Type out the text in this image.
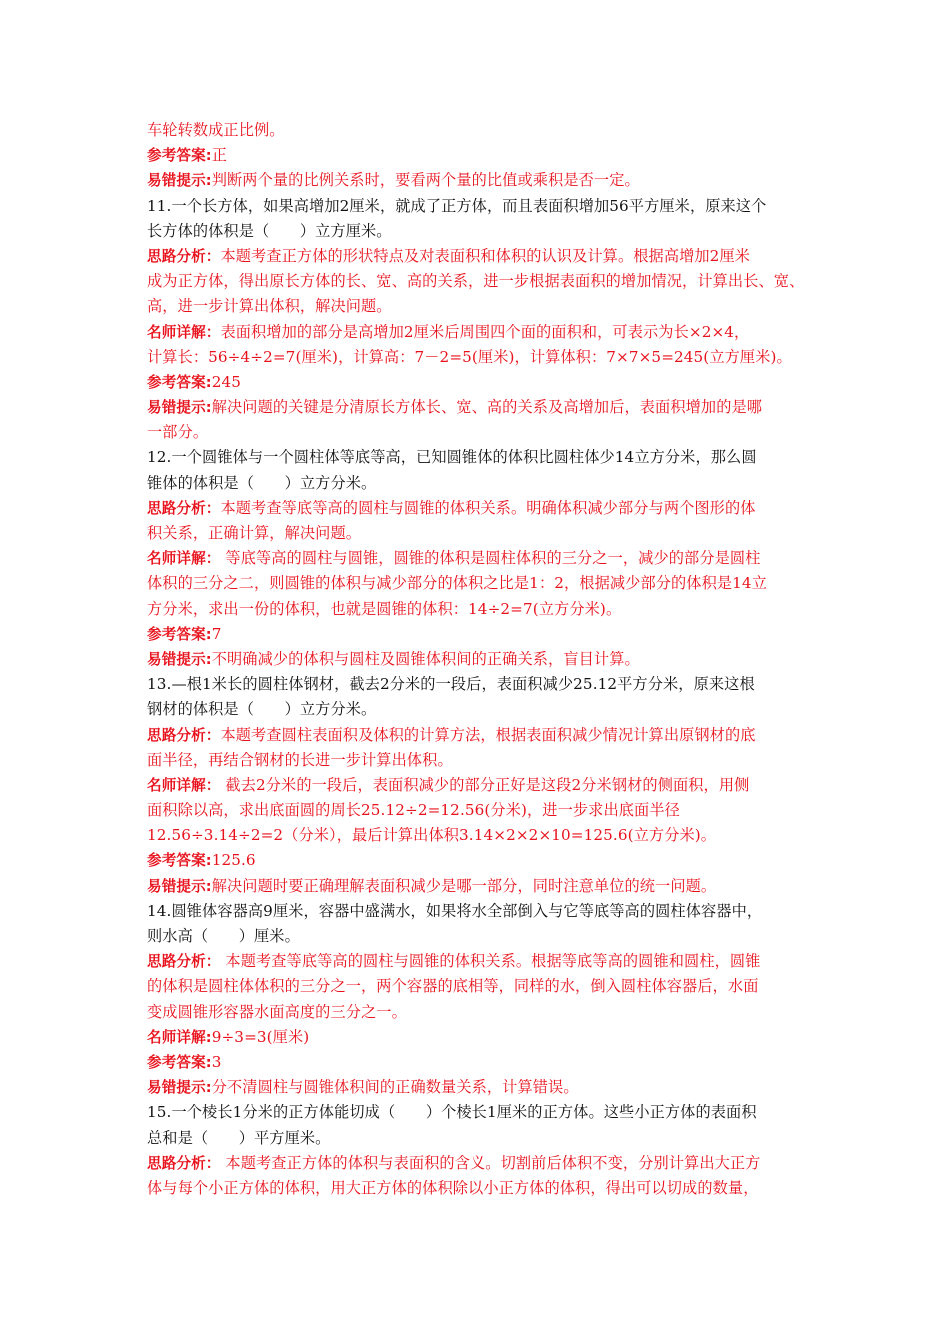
车轮转数成正比例。
参考答案:正
易错提示:判断两个量的比例关系时，要看两个量的比值或乘积是否一定。
11.一个长方体，如果高增加2厘米，就成了正方体，而且表面积增加56平方厘米，原来这个
长方体的体积是（　　）立方厘米。
思路分析：本题考查正方体的形状特点及对表面积和体积的认识及计算。根据高增加2厘米
成为正方体，得出原长方体的长、宽、高的关系，进一步根据表面积的增加情况，计算出长、宽、
高，进一步计算出体积，解决问题。
名师详解：表面积增加的部分是高增加2厘米后周围四个面的面积和，可表示为长×2×4，
计算长：56÷4÷2=7(厘米)，计算高：7－2=5(厘米)，计算体积：7×7×5=245(立方厘米)。
参考答案:245
易错提示:解决问题的关键是分清原长方体长、宽、高的关系及高增加后，表面积增加的是哪
一部分。
12.一个圆锥体与一个圆柱体等底等高，已知圆锥体的体积比圆柱体少14立方分米，那么圆
锥体的体积是（　　）立方分米。
思路分析：本题考查等底等高的圆柱与圆锥的体积关系。明确体积减少部分与两个图形的体
积关系，正确计算，解决问题。
名师详解： 等底等高的圆柱与圆锥，圆锥的体积是圆柱体积的三分之一，减少的部分是圆柱
体积的三分之二，则圆锥的体积与减少部分的体积之比是1：2，根据减少部分的体积是14立
方分米，求出一份的体积，也就是圆锥的体积：14÷2=7(立方分米)。
参考答案:7
易错提示:不明确减少的体积与圆柱及圆锥体积间的正确关系，盲目计算。
13.—根1米长的圆柱体钢材，截去2分米的一段后，表面积减少25.12平方分米，原来这根
钢材的体积是（　　）立方分米。
思路分析：本题考查圆柱表面积及体积的计算方法，根据表面积减少情况计算出原钢材的底
面半径，再结合钢材的长进一步计算出体积。
名师详解： 截去2分米的一段后，表面积减少的部分正好是这段2分米钢材的侧面积，用侧
面积除以高，求出底面圆的周长25.12÷2=12.56(分米)，进一步求出底面半径
12.56÷3.14÷2=2（分米），最后计算出体积3.14×2×2×10=125.6(立方分米)。
参考答案:125.6
易错提示:解决问题时要正确理解表面积减少是哪一部分，同时注意单位的统一问题。
14.圆锥体容器高9厘米，容器中盛满水，如果将水全部倒入与它等底等高的圆柱体容器中，
则水高（　　）厘米。
思路分析： 本题考查等底等高的圆柱与圆锥的体积关系。根据等底等高的圆锥和圆柱，圆锥
的体积是圆柱体体积的三分之一，两个容器的底相等，同样的水，倒入圆柱体容器后，水面
变成圆锥形容器水面高度的三分之一。
名师详解:9÷3=3(厘米)
参考答案:3
易错提示:分不清圆柱与圆锥体积间的正确数量关系，计算错误。
15.一个棱长1分米的正方体能切成（　　）个棱长1厘米的正方体。这些小正方体的表面积
总和是（　　）平方厘米。
思路分析： 本题考查正方体的体积与表面积的含义。切割前后体积不变，分别计算出大正方
体与每个小正方体的体积，用大正方体的体积除以小正方体的体积，得出可以切成的数量，
